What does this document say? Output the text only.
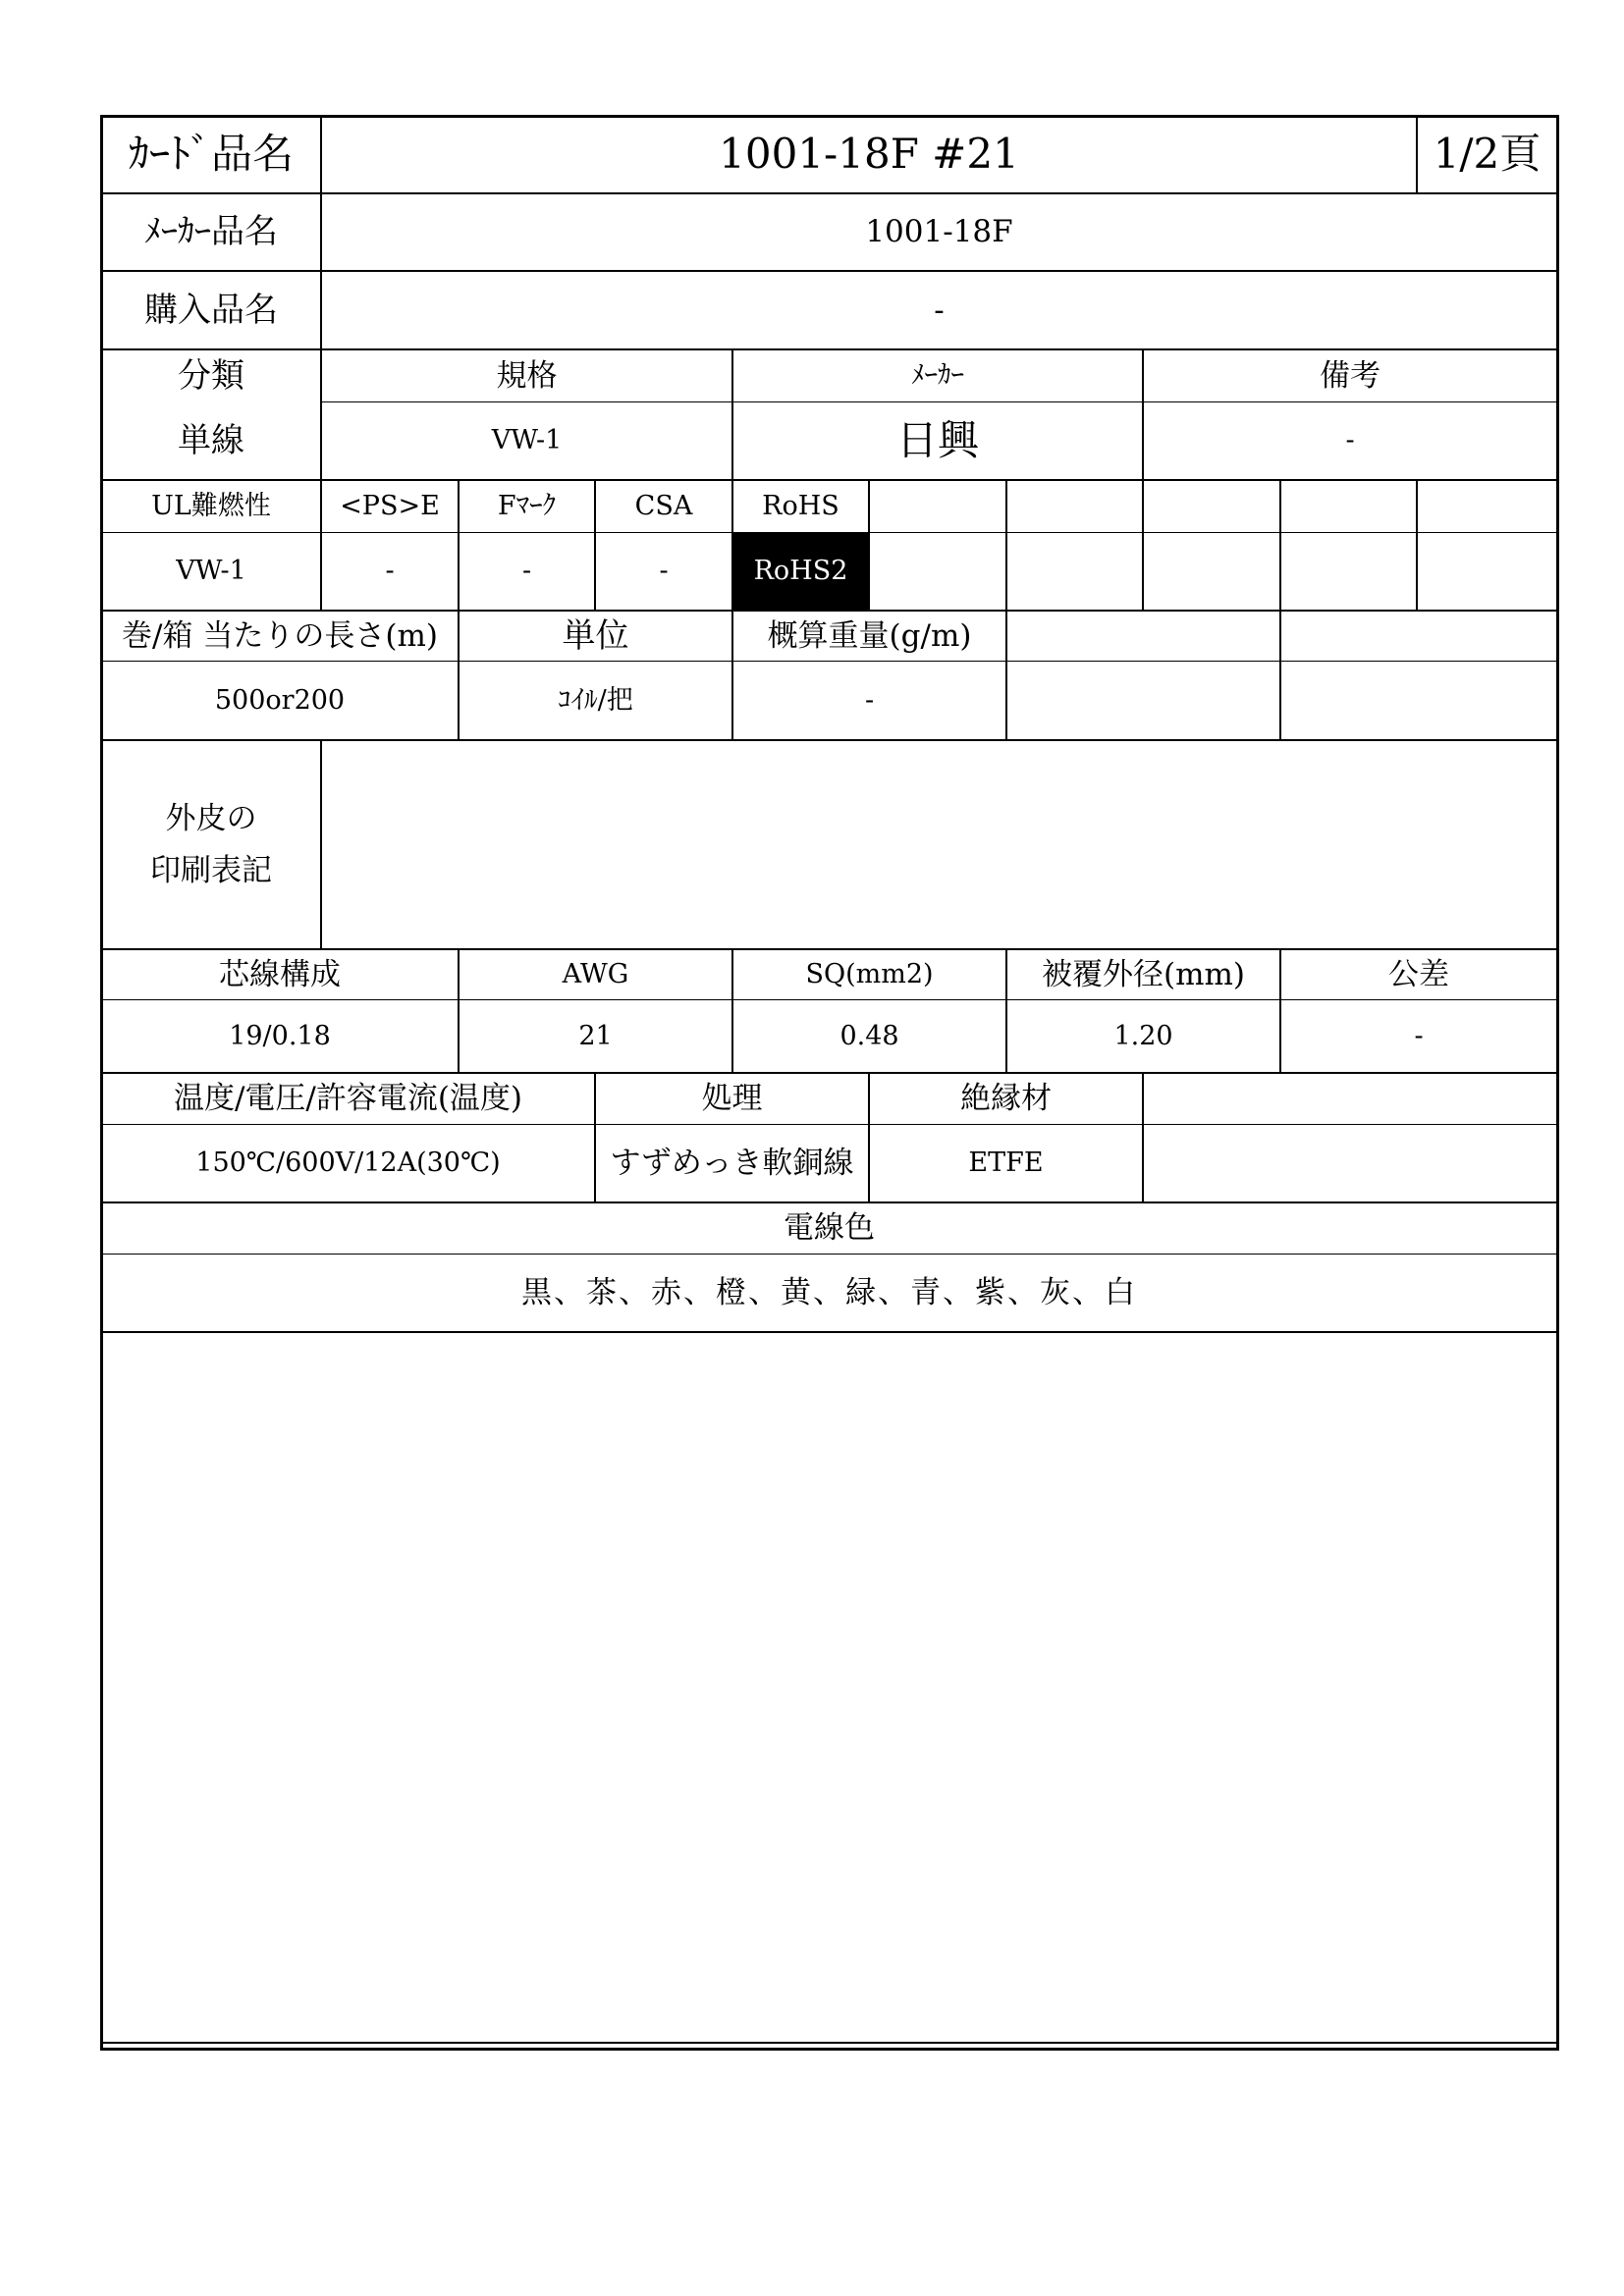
ｶｰﾄﾞ品名	1001-18F #21	1/2頁
ﾒｰｶｰ品名	1001-18F
購入品名	-
分類	規格	ﾒｰｶｰ	備考
単線	VW-1	日興	-
UL難燃性	<PS>E	Fﾏｰｸ	CSA	RoHS
VW-1	-	-	-	RoHS2
巻/箱 当たりの長さ(m)	単位	概算重量(g/m)
500or200	ｺｲﾙ/把	-
外皮の
印刷表記
芯線構成	AWG	SQ(mm2)	被覆外径(mm)	公差
19/0.18	21	0.48	1.20	-
温度/電圧/許容電流(温度)	処理	絶縁材
150℃/600V/12A(30℃)	すずめっき軟銅線	ETFE
電線色
黒、茶、赤、橙、黄、緑、青、紫、灰、白
